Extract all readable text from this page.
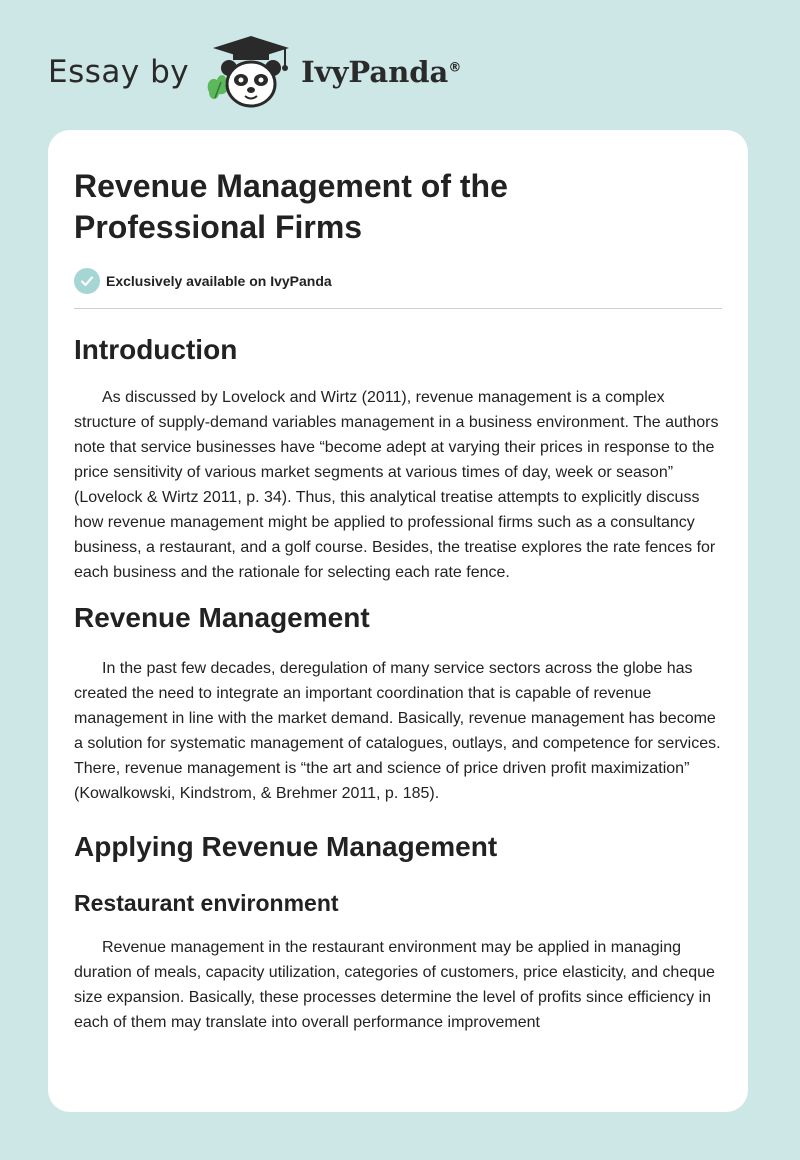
Essay by	IvyPanda®
Revenue Management of the Professional Firms
Exclusively available on IvyPanda
Introduction

As discussed by Lovelock and Wirtz (2011), revenue management is a complex structure of supply-demand variables management in a business environment. The authors note that service businesses have “become adept at varying their prices in response to the price sensitivity of various market segments at various times of day, week or season” (Lovelock & Wirtz 2011, p. 34). Thus, this analytical treatise attempts to explicitly discuss how revenue management might be applied to professional firms such as a consultancy business, a restaurant, and a golf course. Besides, the treatise explores the rate fences for each business and the rationale for selecting each rate fence.

Revenue Management

In the past few decades, deregulation of many service sectors across the globe has created the need to integrate an important coordination that is capable of revenue management in line with the market demand. Basically, revenue management has become a solution for systematic management of catalogues, outlays, and competence for services. There, revenue management is “the art and science of price driven profit maximization” (Kowalkowski, Kindstrom, & Brehmer 2011, p. 185).

Applying Revenue Management
Restaurant environment

Revenue management in the restaurant environment may be applied in managing duration of meals, capacity utilization, categories of customers, price elasticity, and cheque size expansion. Basically, these processes determine the level of profits since efficiency in each of them may translate into overall performance improvement
